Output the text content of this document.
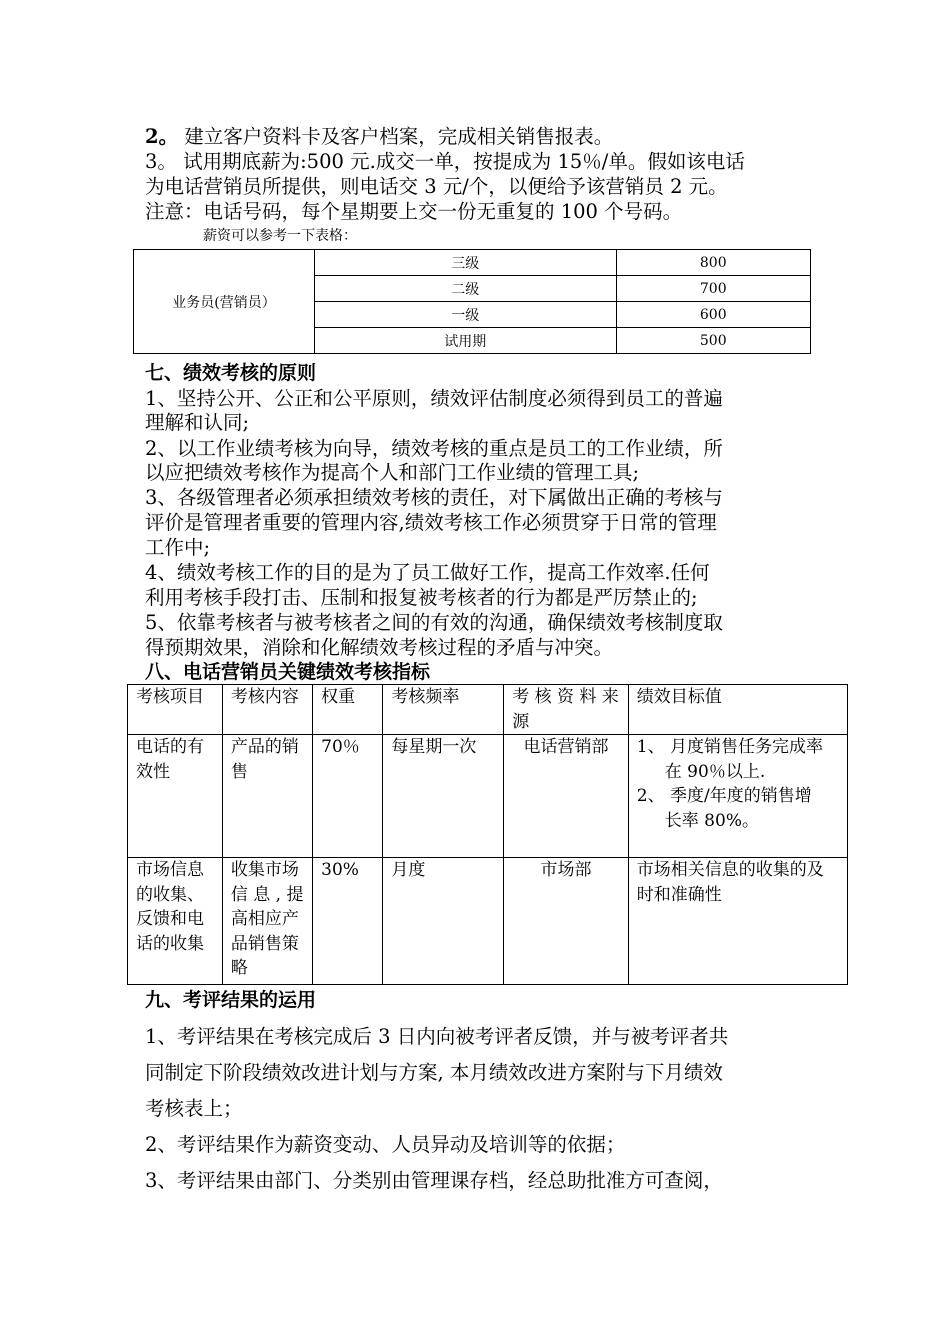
2。 建立客户资料卡及客户档案，完成相关销售报表。
3。 试用期底薪为:500 元.成交一单，按提成为 15％/单。假如该电话
为电话营销员所提供，则电话交 3 元/个，以便给予该营销员 2 元。
注意：电话号码，每个星期要上交一份无重复的 100 个号码。
薪资可以参考一下表格：
业务员(营销员）	三级	800
	二级	700
	一级	600
	试用期	500
七、绩效考核的原则
1、坚持公开、公正和公平原则，绩效评估制度必须得到员工的普遍
理解和认同;
2、以工作业绩考核为向导，绩效考核的重点是员工的工作业绩，所
以应把绩效考核作为提高个人和部门工作业绩的管理工具;
3、各级管理者必须承担绩效考核的责任，对下属做出正确的考核与
评价是管理者重要的管理内容,绩效考核工作必须贯穿于日常的管理
工作中;
4、绩效考核工作的目的是为了员工做好工作，提高工作效率.任何
利用考核手段打击、压制和报复被考核者的行为都是严厉禁止的;
5、依靠考核者与被考核者之间的有效的沟通，确保绩效考核制度取
得预期效果，消除和化解绩效考核过程的矛盾与冲突。
八、电话营销员关键绩效考核指标
考核项目	考核内容	权重	考核频率	考 核 资 料 来 源	绩效目标值
电话的有效性	产品的销售	70％	每星期一次	电话营销部	1、 月度销售任务完成率
在 90％以上.
2、 季度/年度的销售增
长率 80%。

市场信息的收集、反馈和电话的收集	收集市场信 息 , 提高相应产品销售策略	30%	月度	市场部	市场相关信息的收集的及时和准确性
九、考评结果的运用
1、考评结果在考核完成后 3 日内向被考评者反馈，并与被考评者共
同制定下阶段绩效改进计划与方案, 本月绩效改进方案附与下月绩效
考核表上；
2、考评结果作为薪资变动、人员异动及培训等的依据；
3、考评结果由部门、分类别由管理课存档，经总助批准方可查阅，
